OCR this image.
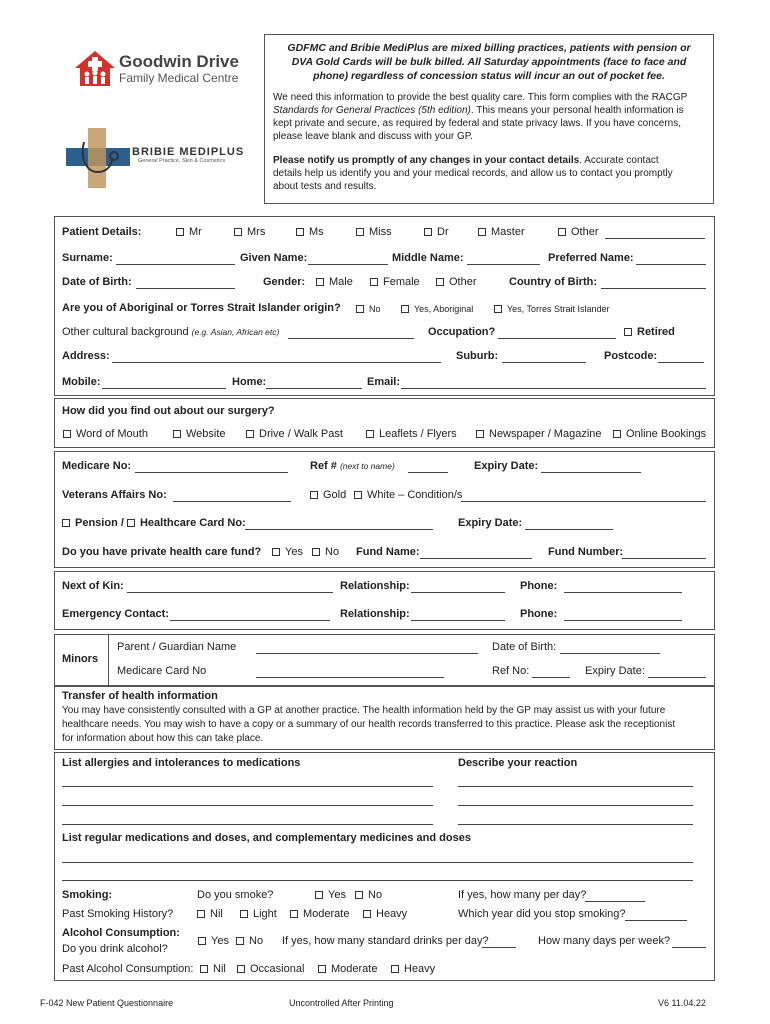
Goodwin Drive
Family Medical Centre
BRIBIE MEDIPLUS
General Practice, Skin & Cosmetics
GDFMC and Bribie MediPlus are mixed billing practices, patients with pension or
DVA Gold Cards will be bulk billed. All Saturday appointments (face to face and
phone) regardless of concession status will incur an out of pocket fee.
We need this information to provide the best quality care. This form complies with the RACGP
Standards for General Practices (5th edition). This means your personal health information is
kept private and secure, as required by federal and state privacy laws. If you have concerns,
please leave blank and discuss with your GP.
Please notify us promptly of any changes in your contact details. Accurate contact
details help us identify you and your medical records, and allow us to contact you promptly
about tests and results.
Patient Details:	Mr	Mrs	Ms	Miss	Dr	Master	Other
Surname:	Given Name:	Middle Name:	Preferred Name:
Date of Birth:	Gender:	Male	Female	Other	Country of Birth:
Are you of Aboriginal or Torres Strait Islander origin?	No	Yes, Aboriginal	Yes, Torres Strait Islander
Other cultural background (e.g. Asian, African etc)	Occupation?	Retired
Address:	Suburb:	Postcode:
Mobile:	Home:	Email:
How did you find out about our surgery?
Word of Mouth	Website	Drive / Walk Past	Leaflets / Flyers	Newspaper / Magazine	Online Bookings
Medicare No:	Ref # (next to name)	Expiry Date:
Veterans Affairs No:	Gold	White – Condition/s
Pension / Healthcare Card No:	Expiry Date:
Do you have private health care fund?	Yes	No Fund Name:	Fund Number:
Next of Kin:	Relationship:	Phone:
Emergency Contact:	Relationship:	Phone:
Minors
Parent / Guardian Name	Date of Birth:
Medicare Card No	Ref No:	Expiry Date:
Transfer of health information
You may have consistently consulted with a GP at another practice. The health information held by the GP may assist us with your future
healthcare needs. You may wish to have a copy or a summary of our health records transferred to this practice. Please ask the receptionist
for information about how this can take place.
List allergies and intolerances to medications	Describe your reaction
List regular medications and doses, and complementary medicines and doses
Smoking:	Do you smoke?	Yes	No	If yes, how many per day?
Past Smoking History?	Nil	Light	Moderate	Heavy	Which year did you stop smoking?
Alcohol Consumption:
Do you drink alcohol?
Yes	No If yes, how many standard drinks per day?	How many days per week?
Past Alcohol Consumption:	Nil	Occasional	Moderate	Heavy
F-042 New Patient Questionnaire	Uncontrolled After Printing	V6 11.04.22
